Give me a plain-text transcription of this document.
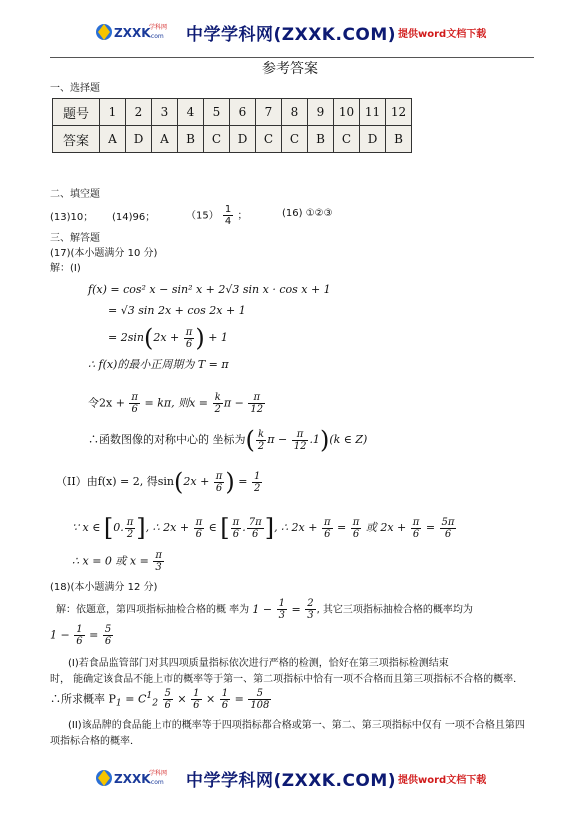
ZXXK
学科网
.com 中学学科网(ZXXK.COM) 提供word文档下载
参考答案
一、选择题
题号	1	2	3	4	5	6	7	8	9	10	11	12
答案	A	D	A	B	C	D	C	C	B	C	D	B
二、填空题
(13)10； (14)96；	$(15) \frac{1}{4}$ ；	(16) ①②③
三、解答题
(17)(本小题满分 10 分)
解：(I)
f(x) = cos² x − sin² x + 2√3 sin x · cos x + 1
= √3 sin 2x + cos 2x + 1
= $2\sin(2x + \frac{\pi}{6}$ ) + 1
∴ f(x)的最小正周期为 T = π
令$2x + \frac{\pi}{6} = k\pi$, 则$x = \frac{k}{2}$ $\pi - \frac{\pi}{12}$
∴函数图像的对称中心的 坐标为( $\frac{k}{2}$ $\pi - \frac{\pi}{12} .1)(k$ ∈ Z)
（II）由f(x) = 2, 得$\sin(2x + \frac{\pi}{6}$ ) = $\frac{1}{2}$
∵ x ∈ [0. $\frac{\pi}{2}$ ], ∴ $2x + \frac{\pi}{6}$ ∈ [ $\frac{\pi}{6}$ . $\frac{7\pi}{6}$ ], ∴ $2x + \frac{\pi}{6} = \frac{\pi}{6}$ 或 $2x + \frac{\pi}{6} = \frac{5\pi}{6}$
∴ x = 0 或 $x = \frac{\pi}{3}$
(18)(本小题满分 12 分)
解：依题意，第四项指标抽检合格的概 率为 $1 - \frac{1}{3} = \frac{2}{3}$ , 其它三项指标抽检合格的概率均为
$1 - \frac{1}{6} = \frac{5}{6}$
(I)若食品监管部门对其四项质量指标依次进行严格的检测，恰好在第三项指标检测结束
时， 能确定该食品不能上市的概率等于第一、第二项指标中恰有一项不合格而且第三项指标不合格的概率．
∴所求概率 $P_1 = C^1_2 \frac{5}{6} \times \frac{1}{6} \times \frac{1}{6} = \frac{5}{108}$
(II)该品牌的食品能上市的概率等于四项指标都合格或第一、第二、第三项指标中仅有 一项不合格且第四
项指标合格的概率．
ZXXK
学科网
.com 中学学科网(ZXXK.COM) 提供word文档下载
